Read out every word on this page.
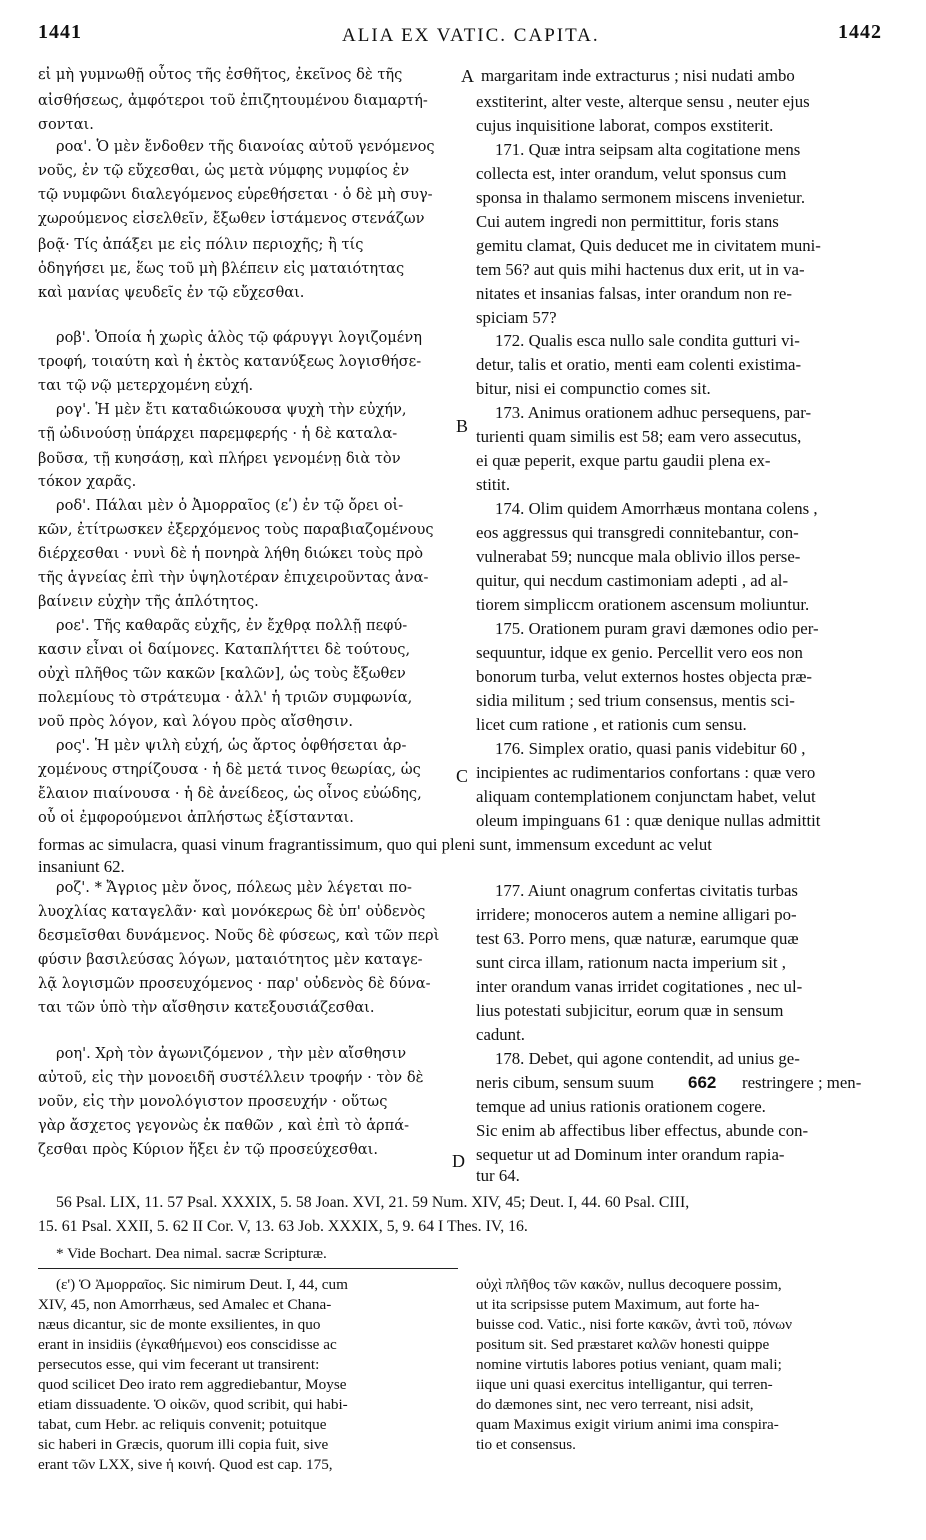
1441	ALIA EX VATIC. CAPITA.	1442
A
B
C
D
εἰ μὴ γυμνωθῇ οὗτος τῆς ἐσθῆτος, ἐκεῖνος δὲ τῆς
αἰσθήσεως, ἀμφότεροι τοῦ ἐπιζητουμένου διαμαρτή-
σονται.
ροα'. Ὁ μὲν ἔνδοθεν τῆς διανοίας αὐτοῦ γενόμενος
νοῦς, ἐν τῷ εὔχεσθαι, ὡς μετὰ νύμφης νυμφίος ἐν
τῷ νυμφῶνι διαλεγόμενος εὑρεθήσεται · ὁ δὲ μὴ συγ-
χωρούμενος εἰσελθεῖν, ἔξωθεν ἱστάμενος στενάζων
βοᾷ· Τίς ἀπάξει με εἰς πόλιν περιοχῆς; ἢ τίς
ὁδηγήσει με, ἕως τοῦ μὴ βλέπειν εἰς ματαιότητας
καὶ μανίας ψευδεῖς ἐν τῷ εὔχεσθαι.
ροβ'. Ὁποία ἡ χωρὶς ἁλὸς τῷ φάρυγγι λογιζομένη
τροφή, τοιαύτη καὶ ἡ ἐκτὸς κατανύξεως λογισθήσε-
ται τῷ νῷ μετερχομένη εὐχή.
ρογ'. Ἡ μὲν ἔτι καταδιώκουσα ψυχὴ τὴν εὐχήν,
τῇ ὠδινούσῃ ὑπάρχει παρεμφερής · ἡ δὲ καταλα-
βοῦσα, τῇ κυησάσῃ, καὶ πλήρει γενομένῃ διὰ τὸν
τόκον χαρᾶς.
ροδ'. Πάλαι μὲν ὁ Ἀμορραῖος (εʹ) ἐν τῷ ὄρει οἰ-
κῶν, ἐτίτρωσκεν ἐξερχόμενος τοὺς παραβιαζομένους
διέρχεσθαι · νυνὶ δὲ ἡ πονηρὰ λήθη διώκει τοὺς πρὸ
τῆς ἁγνείας ἐπὶ τὴν ὑψηλοτέραν ἐπιχειροῦντας ἀνα-
βαίνειν εὐχὴν τῆς ἁπλότητος.
ροε'. Τῆς καθαρᾶς εὐχῆς, ἐν ἔχθρᾳ πολλῇ πεφύ-
κασιν εἶναι οἱ δαίμονες. Καταπλήττει δὲ τούτους,
οὐχὶ πλῆθος τῶν κακῶν [καλῶν], ὡς τοὺς ἔξωθεν
πολεμίους τὸ στράτευμα · ἀλλ' ἡ τριῶν συμφωνία,
νοῦ πρὸς λόγον, καὶ λόγου πρὸς αἴσθησιν.
ρος'. Ἡ μὲν ψιλὴ εὐχή, ὡς ἄρτος ὀφθήσεται ἀρ-
χομένους στηρίζουσα · ἡ δὲ μετά τινος θεωρίας, ὡς
ἔλαιον πιαίνουσα · ἡ δὲ ἀνείδεος, ὡς οἶνος εὐώδης,
οὗ οἱ ἐμφορούμενοι ἀπλήστως ἐξίστανται.
ροζ'. * Ἄγριος μὲν ὄνος, πόλεως μὲν λέγεται πο-
λυοχλίας καταγελᾶν· καὶ μονόκερως δὲ ὑπ' οὐδενὸς
δεσμεῖσθαι δυνάμενος. Νοῦς δὲ φύσεως, καὶ τῶν περὶ
φύσιν βασιλεύσας λόγων, ματαιότητος μὲν καταγε-
λᾷ λογισμῶν προσευχόμενος · παρ' οὐδενὸς δὲ δύνα-
ται τῶν ὑπὸ τὴν αἴσθησιν κατεξουσιάζεσθαι.
ροη'. Χρὴ τὸν ἀγωνιζόμενον , τὴν μὲν αἴσθησιν
αὐτοῦ, εἰς τὴν μονοειδῆ συστέλλειν τροφήν · τὸν δὲ
νοῦν, εἰς τὴν μονολόγιστον προσευχήν · οὕτως
γὰρ ἄσχετος γεγονὼς ἐκ παθῶν , καὶ ἐπὶ τὸ ἁρπά-
ζεσθαι πρὸς Κύριον ἥξει ἐν τῷ προσεύχεσθαι.
margaritam inde extracturus ; nisi nudati ambo
exstiterint, alter veste, alterque sensu , neuter ejus
cujus inquisitione laborat, compos exstiterit.
171. Quæ intra seipsam alta cogitatione mens
collecta est, inter orandum, velut sponsus cum
sponsa in thalamo sermonem miscens invenietur.
Cui autem ingredi non permittitur, foris stans
gemitu clamat, Quis deducet me in civitatem muni-
tem 56? aut quis mihi hactenus dux erit, ut in va-
nitates et insanias falsas, inter orandum non re-
spiciam 57?
172. Qualis esca nullo sale condita gutturi vi-
detur, talis et oratio, menti eam colenti existima-
bitur, nisi ei compunctio comes sit.
173. Animus orationem adhuc persequens, par-
turienti quam similis est 58; eam vero assecutus,
ei quæ peperit, exque partu gaudii plena ex-
stitit.
174. Olim quidem Amorrhæus montana colens ,
eos aggressus qui transgredi connitebantur, con-
vulnerabat 59; nuncque mala oblivio illos perse-
quitur, qui necdum castimoniam adepti , ad al-
tiorem simpliccm orationem ascensum moliuntur.
175. Orationem puram gravi dæmones odio per-
sequuntur, idque ex genio. Percellit vero eos non
bonorum turba, velut externos hostes objecta præ-
sidia militum ; sed trium consensus, mentis sci-
licet cum ratione , et rationis cum sensu.
176. Simplex oratio, quasi panis videbitur 60 ,
incipientes ac rudimentarios confortans : quæ vero
aliquam contemplationem conjunctam habet, velut
oleum impinguans 61 : quæ denique nullas admittit
177. Aiunt onagrum confertas civitatis turbas
irridere; monoceros autem a nemine alligari po-
test 63. Porro mens, quæ naturæ, earumque quæ
sunt circa illam, rationum nacta imperium sit ,
inter orandum vanas irridet cogitationes , nec ul-
lius potestati subjicitur, eorum quæ in sensum
cadunt.
178. Debet, qui agone contendit, ad unius ge-
neris cibum, sensum suum 662 restringere ; men-
temque ad unius rationis orationem cogere.
Sic enim ab affectibus liber effectus, abunde con-
sequetur ut ad Dominum inter orandum rapia-
tur 64.
formas ac simulacra, quasi vinum fragrantissimum, quo qui pleni sunt, immensum excedunt ac velut
insaniunt 62.
56 Psal. LIX, 11. 57 Psal. XXXIX, 5. 58 Joan. XVI, 21. 59 Num. XIV, 45; Deut. I, 44. 60 Psal. CIII,
15. 61 Psal. XXII, 5. 62 II Cor. V, 13. 63 Job. XXXIX, 5, 9. 64 I Thes. IV, 16.
* Vide Bochart. Dea nimal. sacræ Scripturæ.
(ε') Ὁ Ἀμορραῖος. Sic nimirum Deut. I, 44, cum
XIV, 45, non Amorrhæus, sed Amalec et Chana-
næus dicantur, sic de monte exsilientes, in quo
erant in insidiis (ἐγκαθήμενοι) eos conscidisse ac
persecutos esse, qui vim fecerant ut transirent:
quod scilicet Deo irato rem aggrediebantur, Moyse
etiam dissuadente. Ὁ οἰκῶν, quod scribit, qui habi-
tabat, cum Hebr. ac reliquis convenit; potuitque
sic haberi in Græcis, quorum illi copia fuit, sive
erant τῶν LXX, sive ἡ κοινή. Quod est cap. 175,
οὐχὶ πλῆθος τῶν κακῶν, nullus decoquere possim,
ut ita scripsisse putem Maximum, aut forte ha-
buisse cod. Vatic., nisi forte κακῶν, ἀντὶ τοῦ, πόνων
positum sit. Sed præstaret καλῶν honesti quippe
nomine virtutis labores potius veniant, quam mali;
iique uni quasi exercitus intelligantur, qui terren-
do dæmones sint, nec vero terreant, nisi adsit,
quam Maximus exigit virium animi ima conspira-
tio et consensus.
